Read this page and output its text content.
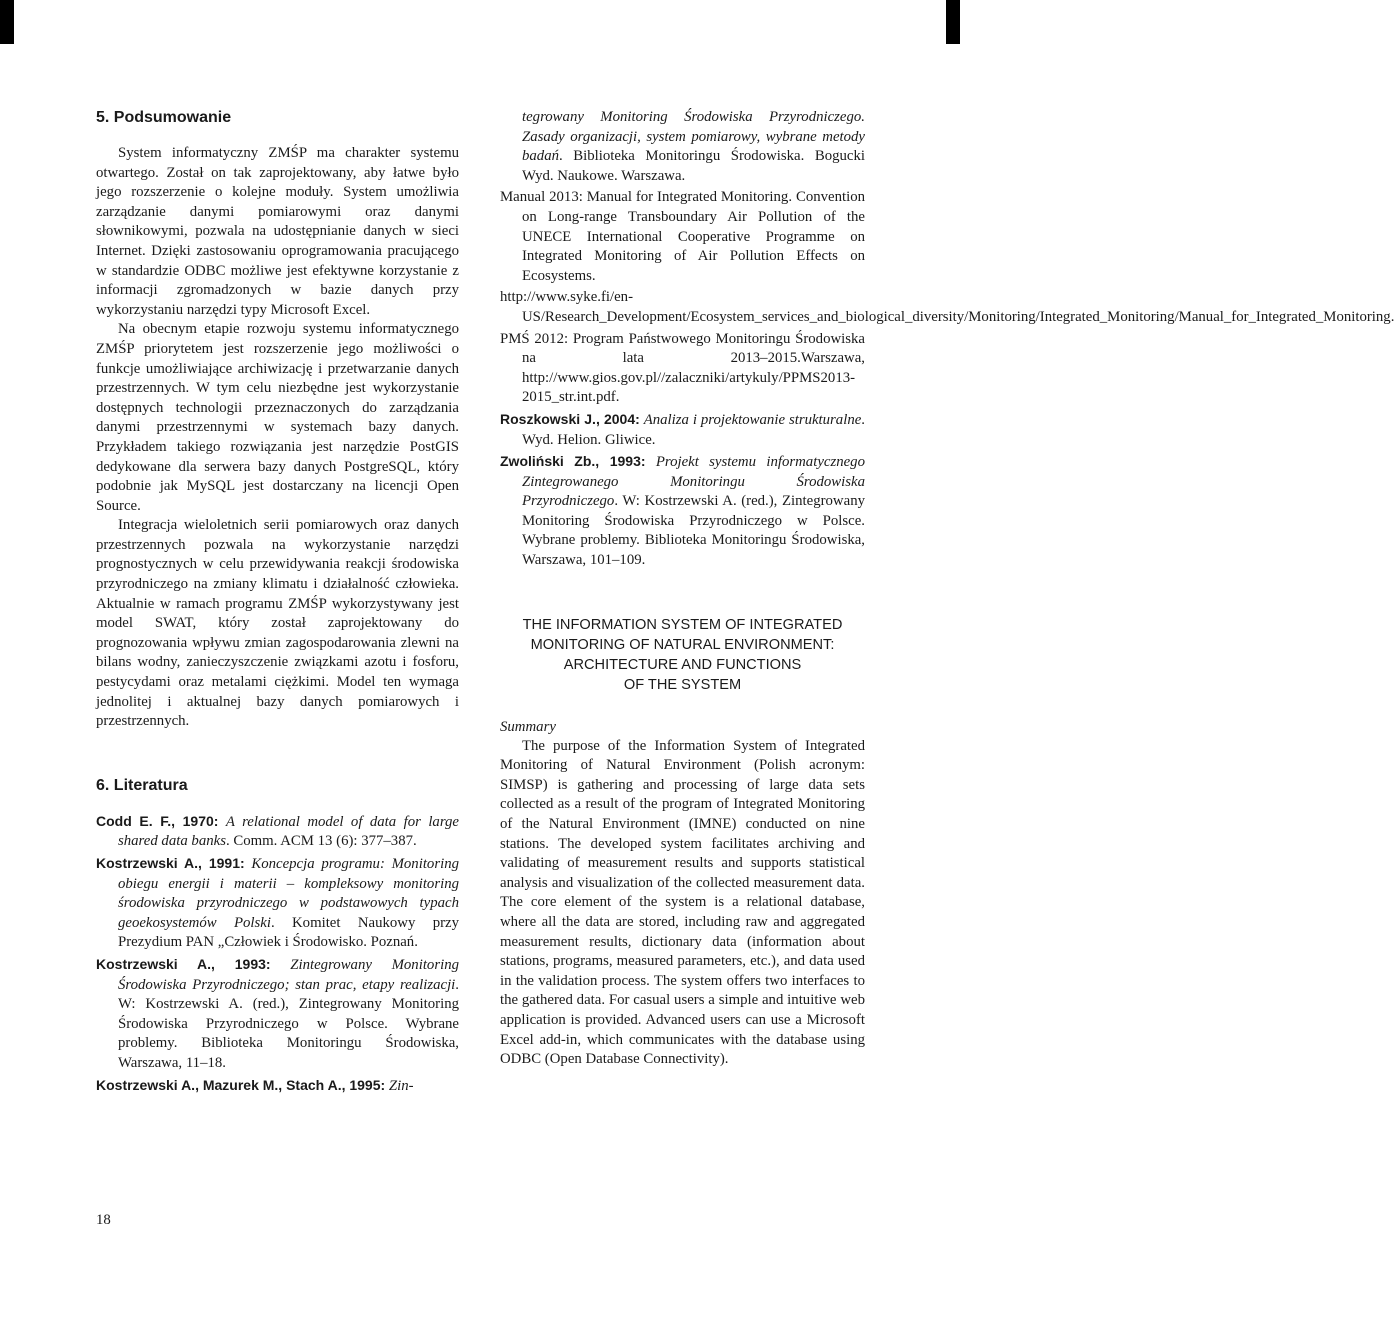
5. Podsumowanie

System informatyczny ZMŚP ma charakter systemu otwartego. Został on tak zaprojektowany, aby łatwe było jego rozszerzenie o kolejne moduły. System umożliwia zarządzanie danymi pomiarowymi oraz danymi słownikowymi, pozwala na udostępnianie danych w sieci Internet. Dzięki zastosowaniu oprogramowania pracującego w standardzie ODBC możliwe jest efektywne korzystanie z informacji zgromadzonych w bazie danych przy wykorzystaniu narzędzi typy Microsoft Excel.

Na obecnym etapie rozwoju systemu informatycznego ZMŚP priorytetem jest rozszerzenie jego możliwości o funkcje umożliwiające archiwizację i przetwarzanie danych przestrzennych. W tym celu niezbędne jest wykorzystanie dostępnych technologii przeznaczonych do zarządzania danymi przestrzennymi w systemach bazy danych. Przykładem takiego rozwiązania jest narzędzie PostGIS dedykowane dla serwera bazy danych PostgreSQL, który podobnie jak MySQL jest dostarczany na licencji Open Source.

Integracja wieloletnich serii pomiarowych oraz danych przestrzennych pozwala na wykorzystanie narzędzi prognostycznych w celu przewidywania reakcji środowiska przyrodniczego na zmiany klimatu i działalność człowieka. Aktualnie w ramach programu ZMŚP wykorzystywany jest model SWAT, który został zaprojektowany do prognozowania wpływu zmian zagospodarowania zlewni na bilans wodny, zanieczyszczenie związkami azotu i fosforu, pestycydami oraz metalami ciężkimi. Model ten wymaga jednolitej i aktualnej bazy danych pomiarowych i przestrzennych.

6. Literatura

Codd E. F., 1970: A relational model of data for large shared data banks. Comm. ACM 13 (6): 377–387.

Kostrzewski A., 1991: Koncepcja programu: Monitoring obiegu energii i materii – kompleksowy monitoring środowiska przyrodniczego w podstawowych typach geoekosystemów Polski. Komitet Naukowy przy Prezydium PAN „Człowiek i Środowisko. Poznań.

Kostrzewski A., 1993: Zintegrowany Monitoring Środowiska Przyrodniczego; stan prac, etapy realizacji. W: Kostrzewski A. (red.), Zintegrowany Monitoring Środowiska Przyrodniczego w Polsce. Wybrane problemy. Biblioteka Monitoringu Środowiska, Warszawa, 11–18.

Kostrzewski A., Mazurek M., Stach A., 1995: Zin-

tegrowany Monitoring Środowiska Przyrodniczego. Zasady organizacji, system pomiarowy, wybrane metody badań. Biblioteka Monitoringu Środowiska. Bogucki Wyd. Naukowe. Warszawa.

Manual 2013: Manual for Integrated Monitoring. Convention on Long-range Transboundary Air Pollution of the UNECE International Cooperative Programme on Integrated Monitoring of Air Pollution Effects on Ecosystems.

http://www.syke.fi/en-US/Research_Development/Ecosystem_services_and_biological_diversity/Monitoring/Integrated_Monitoring/Manual_for_Integrated_Monitoring.

PMŚ 2012: Program Państwowego Monitoringu Środowiska na lata 2013–2015.Warszawa, http://www.gios.gov.pl//zalaczniki/artykuly/PPMS2013-2015_str.int.pdf.

Roszkowski J., 2004: Analiza i projektowanie strukturalne. Wyd. Helion. Gliwice.

Zwoliński Zb., 1993: Projekt systemu informatycznego Zintegrowanego Monitoringu Środowiska Przyrodniczego. W: Kostrzewski A. (red.), Zintegrowany Monitoring Środowiska Przyrodniczego w Polsce. Wybrane problemy. Biblioteka Monitoringu Środowiska, Warszawa, 101–109.

THE INFORMATION SYSTEM OF INTEGRATED
MONITORING OF NATURAL ENVIRONMENT:
ARCHITECTURE AND FUNCTIONS
OF THE SYSTEM

Summary

The purpose of the Information System of Integrated Monitoring of Natural Environment (Polish acronym: SIMSP) is gathering and processing of large data sets collected as a result of the program of Integrated Monitoring of the Natural Environment (IMNE) conducted on nine stations. The developed system facilitates archiving and validating of measurement results and supports statistical analysis and visualization of the collected measurement data. The core element of the system is a relational database, where all the data are stored, including raw and aggregated measurement results, dictionary data (information about stations, programs, measured parameters, etc.), and data used in the validation process. The system offers two interfaces to the gathered data. For casual users a simple and intuitive web application is provided. Advanced users can use a Microsoft Excel add-in, which communicates with the database using ODBC (Open Database Connectivity).

18
